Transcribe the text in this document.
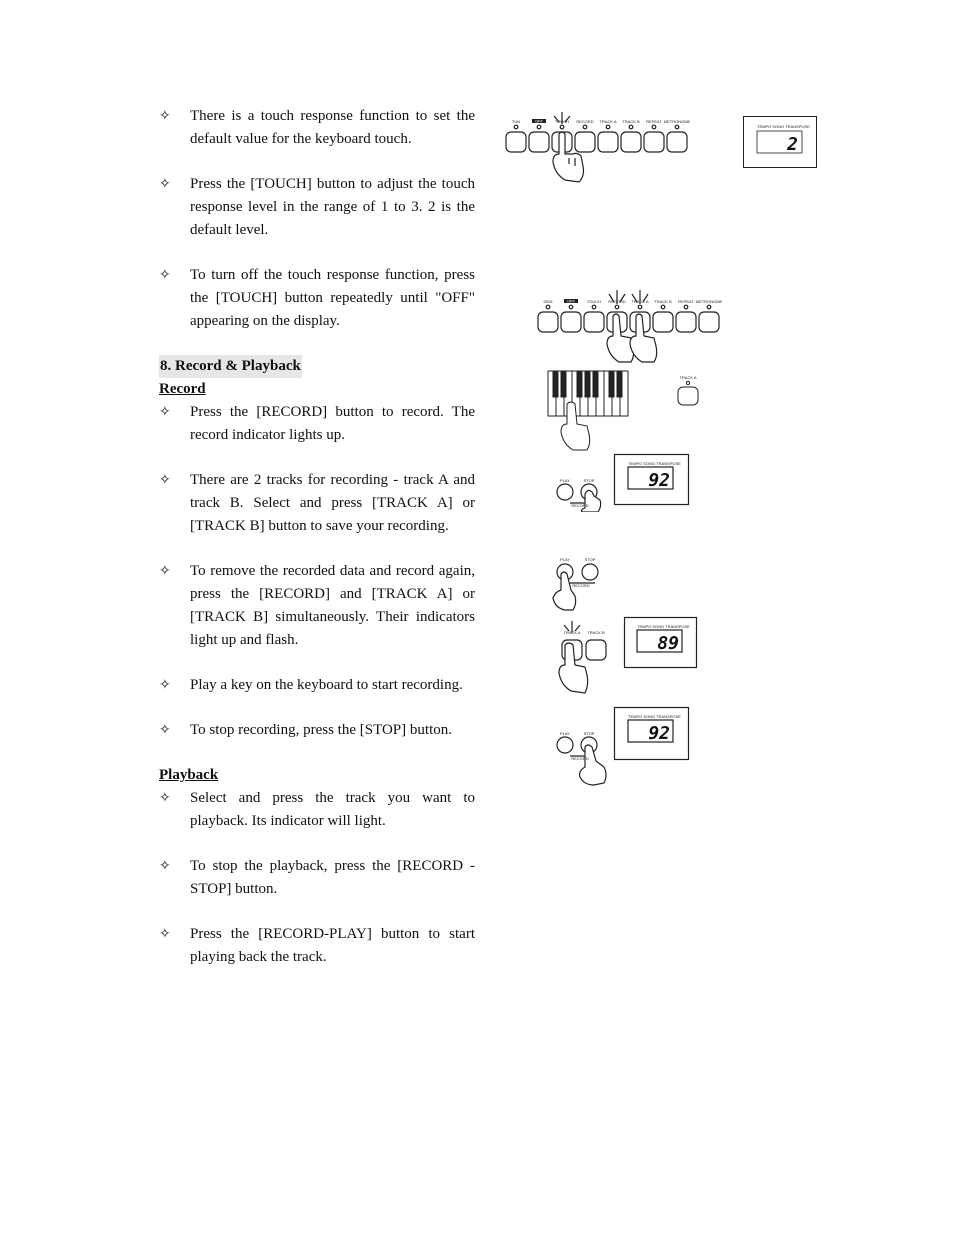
✧ There is a touch response function to set the default value for the keyboard touch.

✧ Press the [TOUCH] button to adjust the touch response level in the range of 1 to 3. 2 is the default level.

✧ To turn off the touch response function, press the [TOUCH] button repeatedly until "OFF" appearing on the display.

8. Record & Playback

Record

✧ Press the [RECORD] button to record. The record indicator lights up.

✧ There are 2 tracks for recording - track A and track B. Select and press [TRACK A] or [TRACK B] button to save your recording.

✧ To remove the recorded data and record again, press the [RECORD] and [TRACK A] or [TRACK B] simultaneously. Their indicators light up and flash.

✧ Play a key on the keyboard to start recording.

✧ To stop recording, press the [STOP] button.

Playback

✧ Select and press the track you want to playback. Its indicator will light.

✧ To stop the playback, press the [RECORD - STOP] button.

✧ Press the [RECORD-PLAY] button to start playing back the track.

TUN	OFF	TOUCH RECORD TRACK A TRACK B REPEAT METRONOME
TEMPO SONG TRANSPOSE
2
DEM	OFF	TOUCH RECORD TRACK A TRACK B REPEAT METRONOME
TRACK A
PLAY	STOP
RECORD
TEMPO SONG TRANSPOSE
92
PLAY	STOP
RECORD
TRACK A TRACK B
TEMPO SONG TRANSPOSE
89
PLAY	STOP
RECORD
TEMPO SONG TRANSPOSE
92
